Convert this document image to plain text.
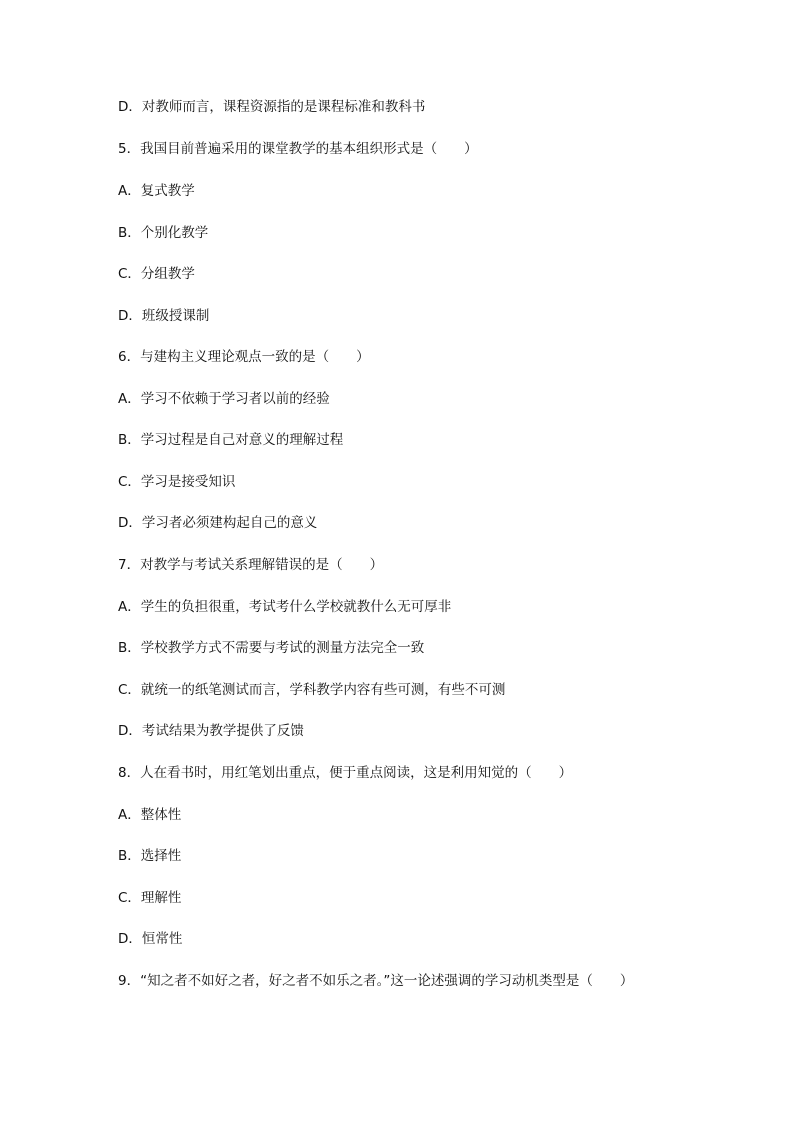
D．对教师而言，课程资源指的是课程标准和教科书
5．我国目前普遍采用的课堂教学的基本组织形式是（　　）
A．复式教学
B．个别化教学
C．分组教学
D．班级授课制
6．与建构主义理论观点一致的是（　　）
A．学习不依赖于学习者以前的经验
B．学习过程是自己对意义的理解过程
C．学习是接受知识
D．学习者必须建构起自己的意义
7．对教学与考试关系理解错误的是（　　）
A．学生的负担很重，考试考什么学校就教什么无可厚非
B．学校教学方式不需要与考试的测量方法完全一致
C．就统一的纸笔测试而言，学科教学内容有些可测，有些不可测
D．考试结果为教学提供了反馈
8．人在看书时，用红笔划出重点，便于重点阅读，这是利用知觉的（　　）
A．整体性
B．选择性
C．理解性
D．恒常性
9．“知之者不如好之者，好之者不如乐之者。”这一论述强调的学习动机类型是（　　）
